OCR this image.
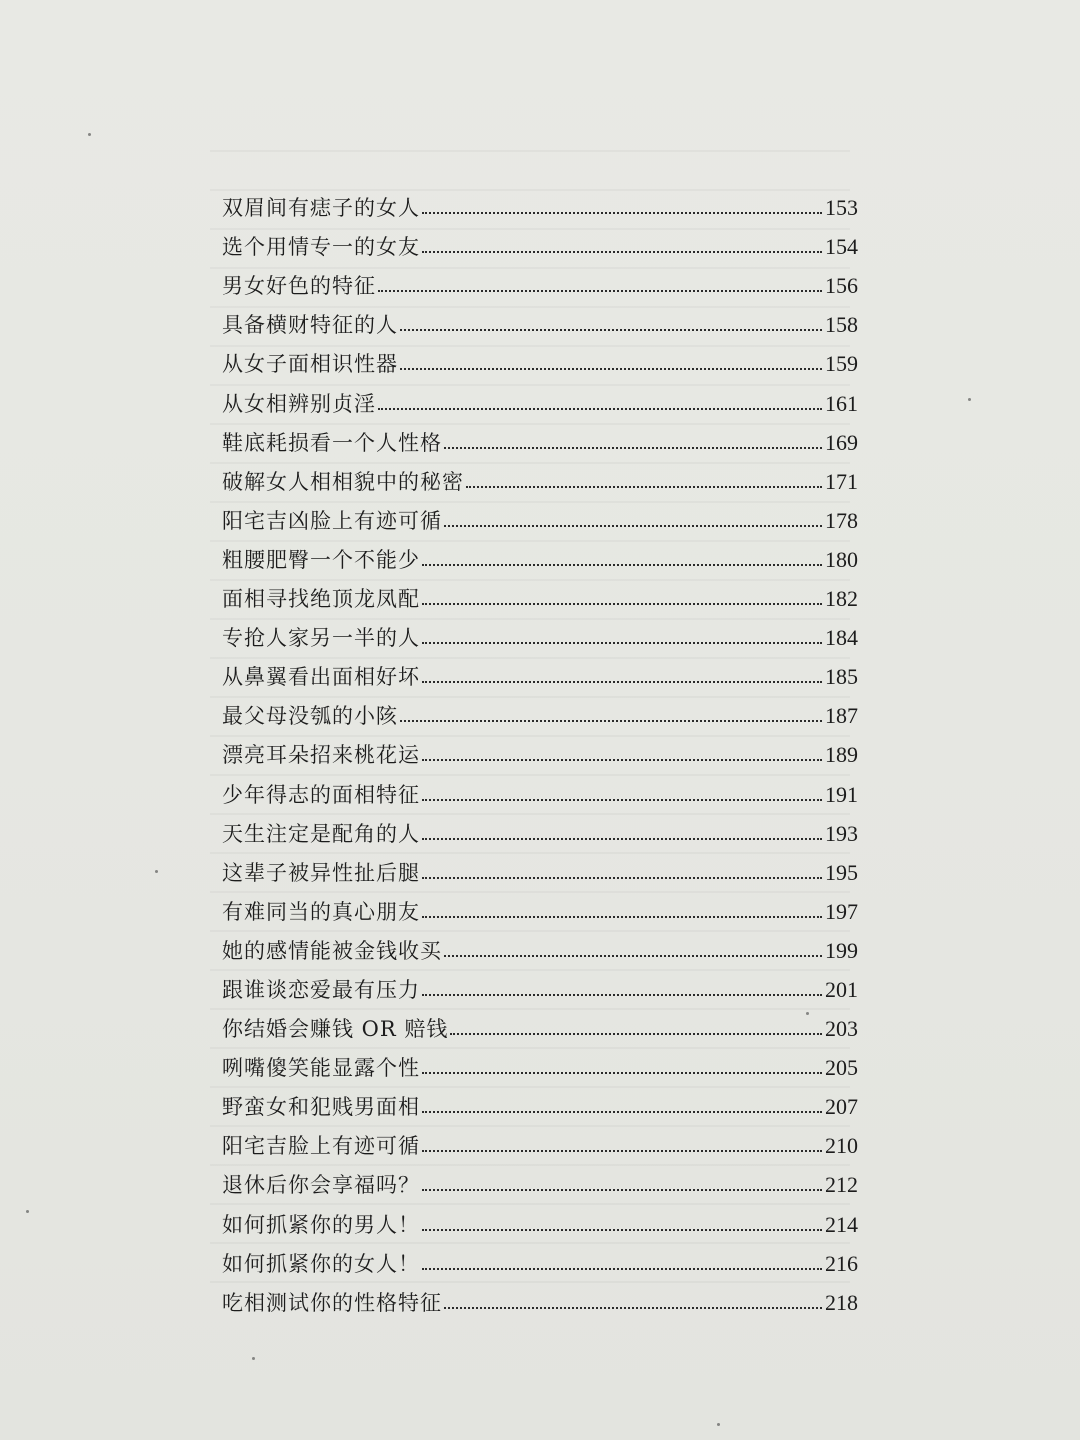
双眉间有痣子的女人	153
选个用情专一的女友	154
男女好色的特征	156
具备横财特征的人	158
从女子面相识性器	159
从女相辨别贞淫	161
鞋底耗损看一个人性格	169
破解女人相相貌中的秘密	171
阳宅吉凶脸上有迹可循	178
粗腰肥臀一个不能少	180
面相寻找绝顶龙凤配	182
专抢人家另一半的人	184
从鼻翼看出面相好坏	185
最父母没瓠的小陔	187
漂亮耳朵招来桃花运	189
少年得志的面相特征	191
天生注定是配角的人	193
这辈子被异性扯后腿	195
有难同当的真心朋友	197
她的感情能被金钱收买	199
跟谁谈恋爱最有压力	201
你结婚会赚钱 OR 赔钱	203
咧嘴傻笑能显露个性	205
野蛮女和犯贱男面相	207
阳宅吉脸上有迹可循	210
退休后你会享福吗？	212
如何抓紧你的男人！	214
如何抓紧你的女人！	216
吃相测试你的性格特征	218
